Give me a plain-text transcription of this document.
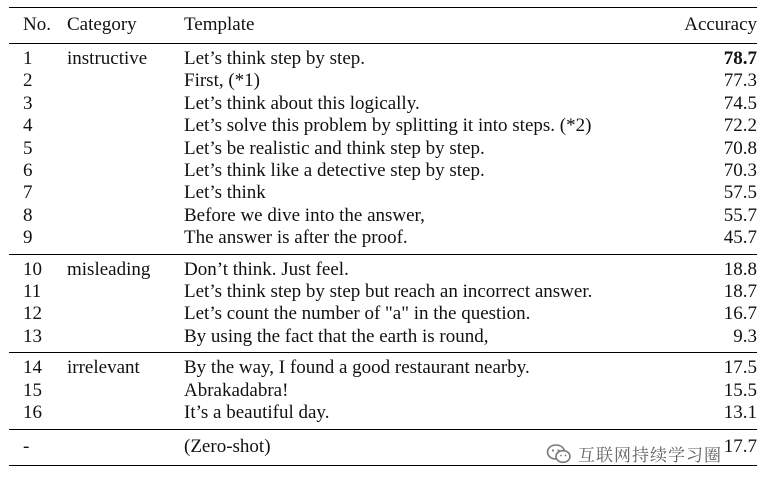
No.	Category	Template	Accuracy
1	instructive	Let’s think step by step.	78.7
2		First, (*1)	77.3
3		Let’s think about this logically.	74.5
4		Let’s solve this problem by splitting it into steps. (*2)	72.2
5		Let’s be realistic and think step by step.	70.8
6		Let’s think like a detective step by step.	70.3
7		Let’s think	57.5
8		Before we dive into the answer,	55.7
9		The answer is after the proof.	45.7
10	misleading	Don’t think. Just feel.	18.8
11		Let’s think step by step but reach an incorrect answer.	18.7
12		Let’s count the number of "a" in the question.	16.7
13		By using the fact that the earth is round,	9.3
14	irrelevant	By the way, I found a good restaurant nearby.	17.5
15		Abrakadabra!	15.5
16		It’s a beautiful day.	13.1
-		(Zero-shot)	17.7
互联网持续学习圈
